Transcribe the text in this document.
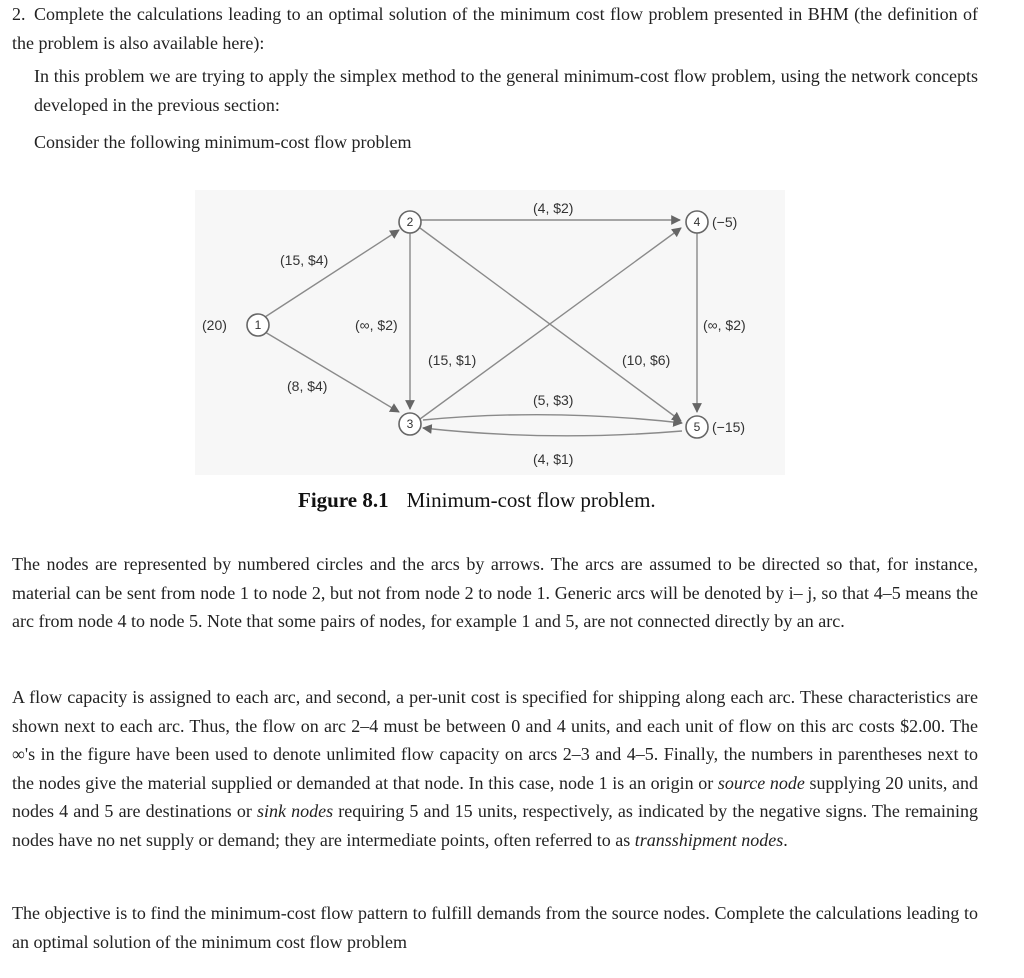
2. Complete the calculations leading to an optimal solution of the minimum cost flow problem presented in BHM (the definition of the problem is also available here):

In this problem we are trying to apply the simplex method to the general minimum-cost flow problem, using the network concepts developed in the previous section:

Consider the following minimum-cost flow problem

1
2
3
4
5
(20)
(−5)
(−15)
(15, $4)
(8, $4)
(4, $2)
(∞, $2)
(10, $6)
(15, $1)
(5, $3)
(4, $1)
(∞, $2)
Figure 8.1 Minimum-cost flow problem.

The nodes are represented by numbered circles and the arcs by arrows. The arcs are assumed to be directed so that, for instance, material can be sent from node 1 to node 2, but not from node 2 to node 1. Generic arcs will be denoted by i– j, so that 4–5 means the arc from node 4 to node 5. Note that some pairs of nodes, for example 1 and 5, are not connected directly by an arc.

A flow capacity is assigned to each arc, and second, a per-unit cost is specified for shipping along each arc. These characteristics are shown next to each arc. Thus, the flow on arc 2–4 must be between 0 and 4 units, and each unit of flow on this arc costs $2.00. The ∞'s in the figure have been used to denote unlimited flow capacity on arcs 2–3 and 4–5. Finally, the numbers in parentheses next to the nodes give the material supplied or demanded at that node. In this case, node 1 is an origin or source node supplying 20 units, and nodes 4 and 5 are destinations or sink nodes requiring 5 and 15 units, respectively, as indicated by the negative signs. The remaining nodes have no net supply or demand; they are intermediate points, often referred to as transshipment nodes.

The objective is to find the minimum-cost flow pattern to fulfill demands from the source nodes. Complete the calculations leading to an optimal solution of the minimum cost flow problem
